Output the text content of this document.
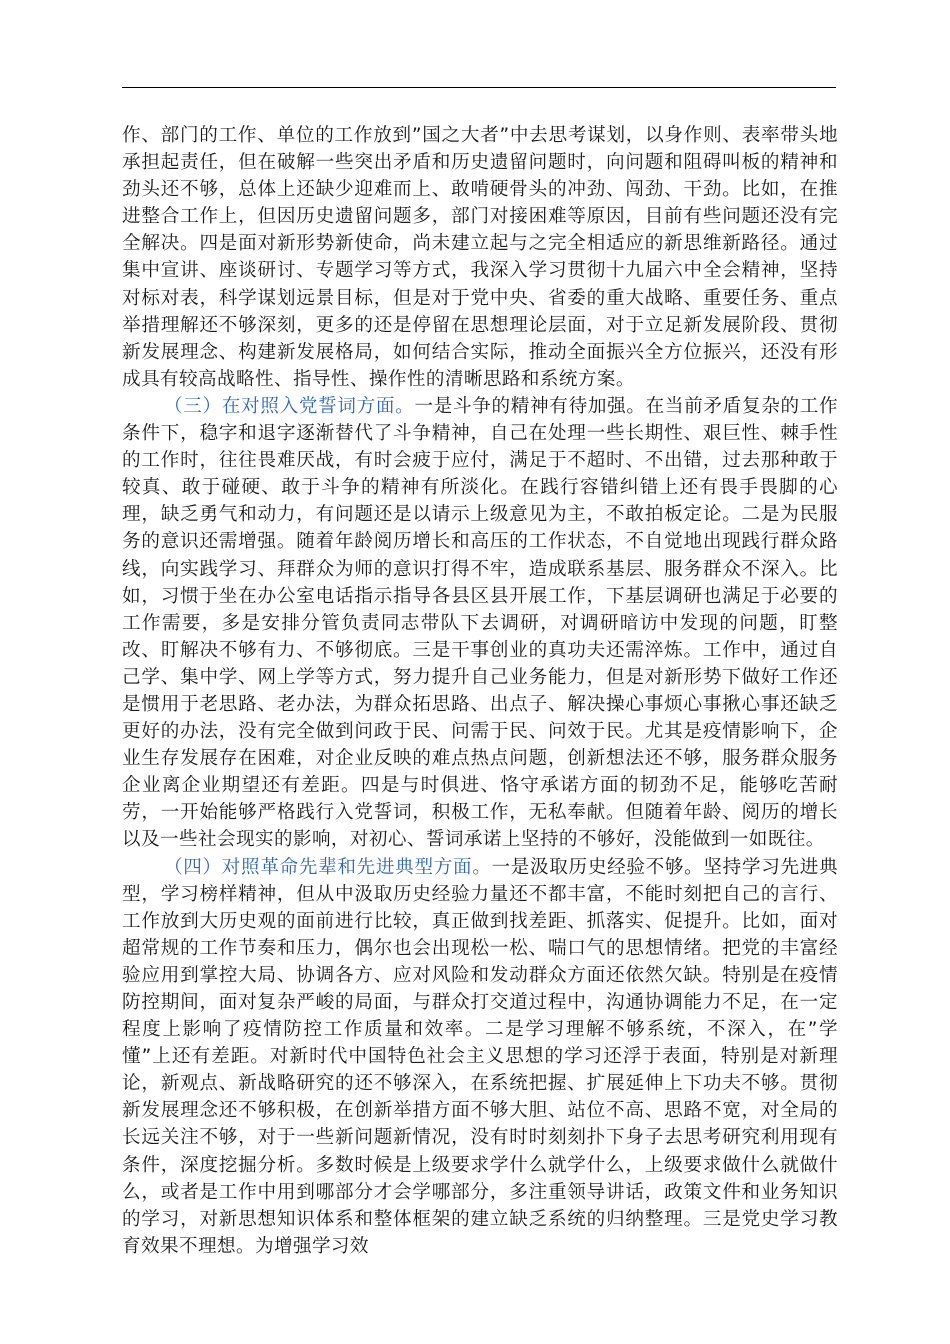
作、部门的工作、单位的工作放到”国之大者”中去思考谋划，以身作则、表率带头地承担起责任，但在破解一些突出矛盾和历史遗留问题时，向问题和阻碍叫板的精神和劲头还不够，总体上还缺少迎难而上、敢啃硬骨头的冲劲、闯劲、干劲。比如，在推进整合工作上，但因历史遗留问题多，部门对接困难等原因，目前有些问题还没有完全解决。四是面对新形势新使命，尚未建立起与之完全相适应的新思维新路径。通过集中宣讲、座谈研讨、专题学习等方式，我深入学习贯彻十九届六中全会精神，坚持对标对表，科学谋划远景目标，但是对于党中央、省委的重大战略、重要任务、重点举措理解还不够深刻，更多的还是停留在思想理论层面，对于立足新发展阶段、贯彻新发展理念、构建新发展格局，如何结合实际，推动全面振兴全方位振兴，还没有形成具有较高战略性、指导性、操作性的清晰思路和系统方案。

（三）在对照入党誓词方面。一是斗争的精神有待加强。在当前矛盾复杂的工作条件下，稳字和退字逐渐替代了斗争精神，自己在处理一些长期性、艰巨性、棘手性的工作时，往往畏难厌战，有时会疲于应付，满足于不超时、不出错，过去那种敢于较真、敢于碰硬、敢于斗争的精神有所淡化。在践行容错纠错上还有畏手畏脚的心理，缺乏勇气和动力，有问题还是以请示上级意见为主，不敢拍板定论。二是为民服务的意识还需增强。随着年龄阅历增长和高压的工作状态，不自觉地出现践行群众路线，向实践学习、拜群众为师的意识打得不牢，造成联系基层、服务群众不深入。比如，习惯于坐在办公室电话指示指导各县区县开展工作，下基层调研也满足于必要的工作需要，多是安排分管负责同志带队下去调研，对调研暗访中发现的问题，盯整改、盯解决不够有力、不够彻底。三是干事创业的真功夫还需淬炼。工作中，通过自己学、集中学、网上学等方式，努力提升自己业务能力，但是对新形势下做好工作还是惯用于老思路、老办法，为群众拓思路、出点子、解决操心事烦心事揪心事还缺乏更好的办法，没有完全做到问政于民、问需于民、问效于民。尤其是疫情影响下，企业生存发展存在困难，对企业反映的难点热点问题，创新想法还不够，服务群众服务企业离企业期望还有差距。四是与时俱进、恪守承诺方面的韧劲不足，能够吃苦耐劳，一开始能够严格践行入党誓词，积极工作，无私奉献。但随着年龄、阅历的增长以及一些社会现实的影响，对初心、誓词承诺上坚持的不够好，没能做到一如既往。

（四）对照革命先辈和先进典型方面。一是汲取历史经验不够。坚持学习先进典型，学习榜样精神，但从中汲取历史经验力量还不都丰富，不能时刻把自己的言行、工作放到大历史观的面前进行比较，真正做到找差距、抓落实、促提升。比如，面对超常规的工作节奏和压力，偶尔也会出现松一松、喘口气的思想情绪。把党的丰富经验应用到掌控大局、协调各方、应对风险和发动群众方面还依然欠缺。特别是在疫情防控期间，面对复杂严峻的局面，与群众打交道过程中，沟通协调能力不足，在一定程度上影响了疫情防控工作质量和效率。二是学习理解不够系统，不深入，在”学懂”上还有差距。对新时代中国特色社会主义思想的学习还浮于表面，特别是对新理论，新观点、新战略研究的还不够深入，在系统把握、扩展延伸上下功夫不够。贯彻新发展理念还不够积极，在创新举措方面不够大胆、站位不高、思路不宽，对全局的长远关注不够，对于一些新问题新情况，没有时时刻刻扑下身子去思考研究利用现有条件，深度挖掘分析。多数时候是上级要求学什么就学什么，上级要求做什么就做什么，或者是工作中用到哪部分才会学哪部分，多注重领导讲话，政策文件和业务知识的学习，对新思想知识体系和整体框架的建立缺乏系统的归纳整理。三是党史学习教育效果不理想。为增强学习效
